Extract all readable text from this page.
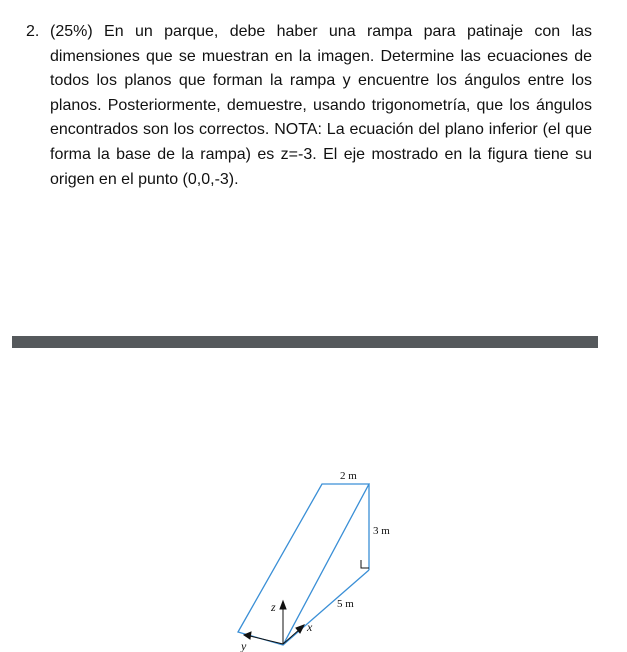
2. (25%) En un parque, debe haber una rampa para patinaje con las dimensiones que se muestran en la imagen. Determine las ecuaciones de todos los planos que forman la rampa y encuentre los ángulos entre los planos. Posteriormente, demuestre, usando trigonometría, que los ángulos encontrados son los correctos. NOTA: La ecuación del plano inferior (el que forma la base de la rampa) es z=-3. El eje mostrado en la figura tiene su origen en el punto (0,0,-3).
2 m
3 m
5 m
z
x
y
